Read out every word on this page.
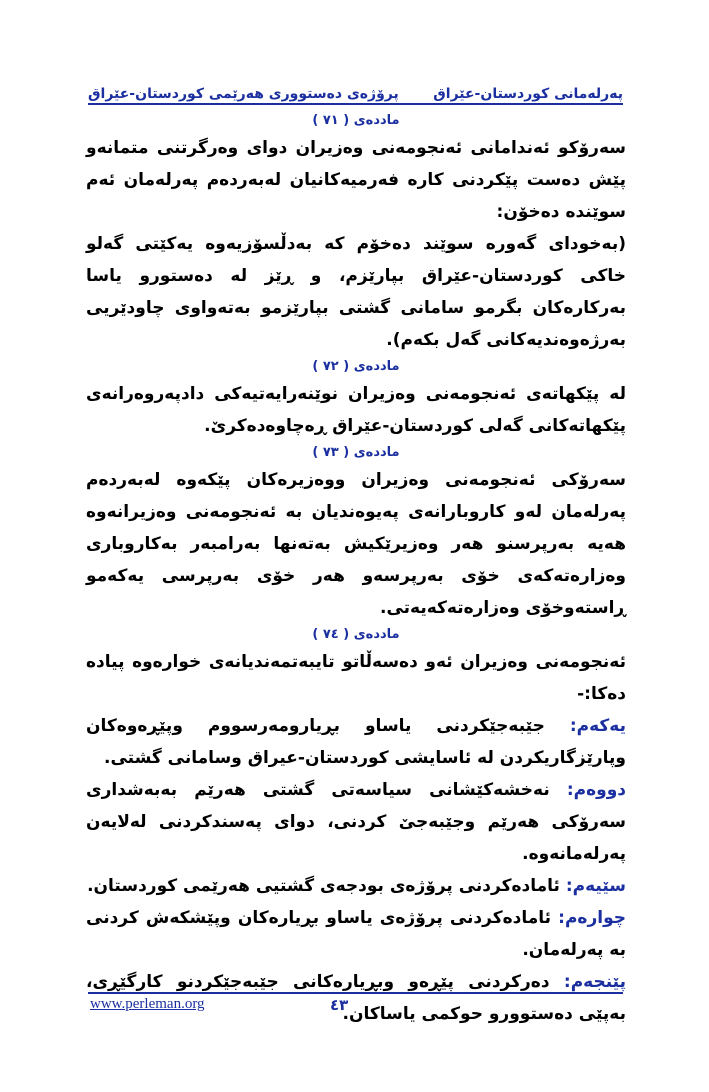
پەرلەمانی کوردستان-عێراق
پرۆژەی دەستووری هەرێمی کوردستان-عێراق

ماددەی ( ٧١ )

سەرۆکو ئەندامانی ئەنجومەنی وەزیران دوای وەرگرتنی متمانەو پێش دەست پێکردنی کارە فەرمیەکانیان لەبەردەم پەرلەمان ئەم سوێندە دەخۆن:

(بەخودای گەورە سوێند دەخۆم کە بەدڵسۆزیەوە یەکێتی گەلو خاکی کوردستان-عێراق بپارێزم، و ڕێز لە دەستورو یاسا بەرکارەکان بگرمو سامانی گشتی بپارێزمو بەتەواوی چاودێریی بەرژەوەندیەکانی گەل بکەم).

ماددەی ( ٧٢ )

لە پێکهاتەی ئەنجومەنی وەزیران نوێنەرایەتیەکی دادپەروەرانەی پێکهاتەکانی گەلی کوردستان-عێراق ڕەچاوەدەکرێ.

ماددەی ( ٧٣ )

سەرۆکی ئەنجومەنی وەزیران ووەزیرەکان پێکەوە لەبەردەم پەرلەمان لەو کاروبارانەی پەیوەندیان بە ئەنجومەنی وەزیرانەوە هەیە بەرپرسنو هەر وەزیرێکیش بەتەنها بەرامبەر بەکاروباری وەزارەتەکەی خۆی بەرپرسەو هەر خۆی بەرپرسی یەکەمو ڕاستەوخۆی وەزارەتەکەیەتی.

ماددەی ( ٧٤ )

ئەنجومەنی وەزیران ئەو دەسەڵاتو تایبەتمەندیانەی خوارەوە پیادە دەکا:-

یەکەم: جێبەجێکردنی یاساو بڕیارومەرسووم وپێڕەوەکان وپارێزگاریکردن لە ئاسایشی کوردستان-عیراق وسامانی گشتی.

دووەم: نەخشەکێشانی سیاسەتی گشتی هەرێم بەبەشداری سەرۆکی هەرێم وجێبەجێ کردنی، دوای پەسندکردنی لەلایەن پەرلەمانەوە.

سێیەم: ئامادەکردنی پرۆژەی بودجەی گشتیی هەرێمی کوردستان.

چوارەم: ئامادەکردنی پرۆژەی یاساو بڕیارەکان وپێشکەش کردنی بە پەرلەمان.

پێنجەم: دەرکردنی پێڕەو وبڕیارەکانی جێبەجێکردنو کارگێڕی، بەپێی دەستوورو حوکمی یاساکان.

www.perleman.org	٤٣
